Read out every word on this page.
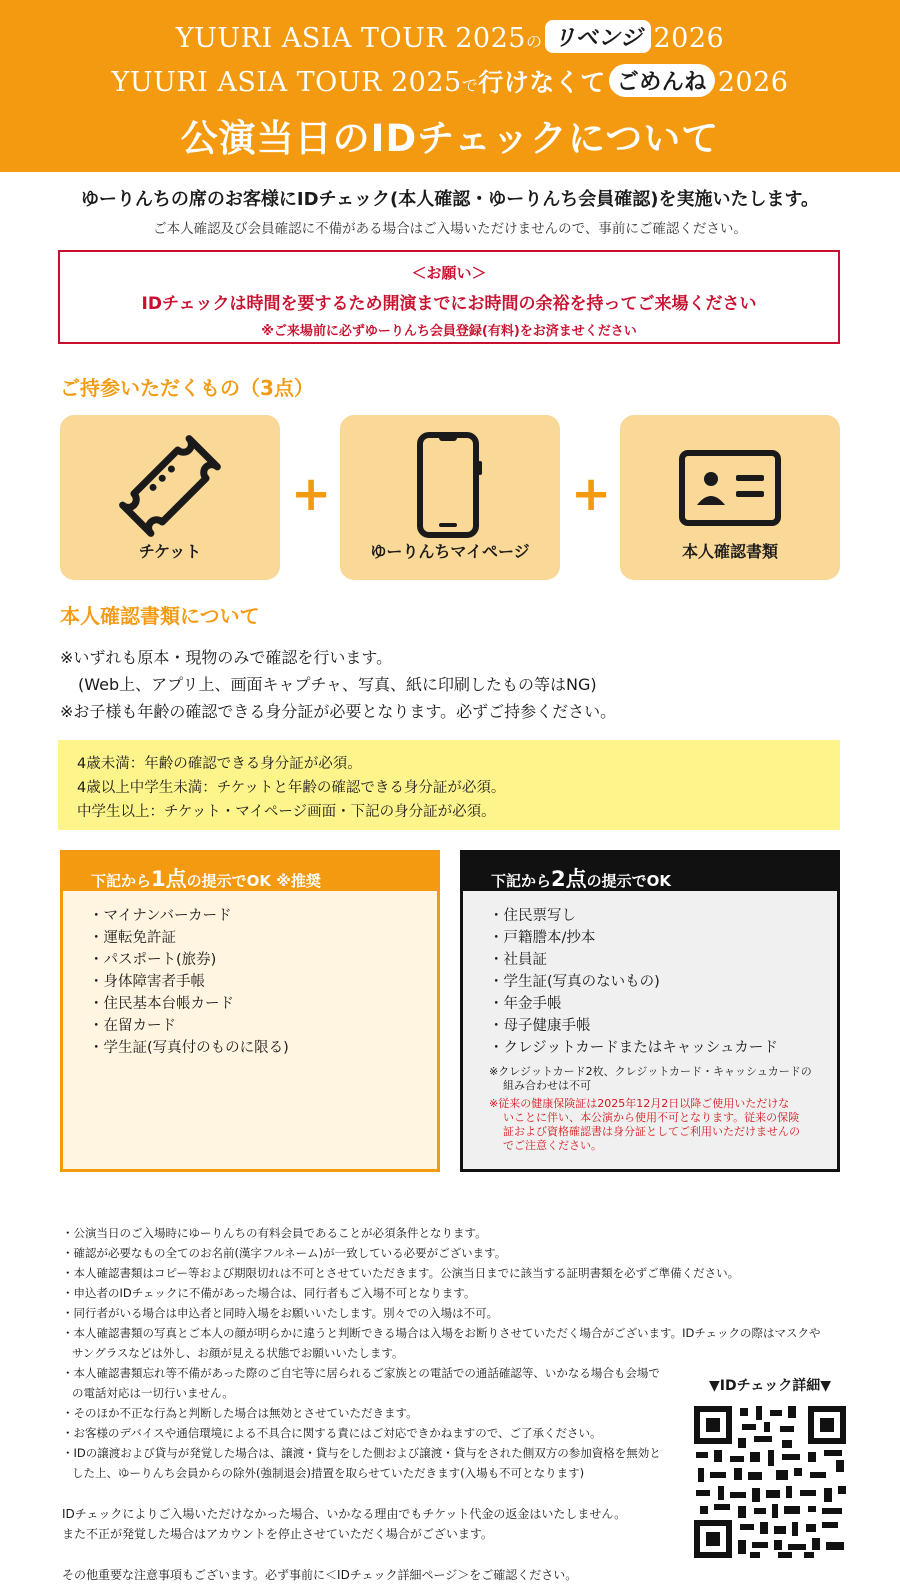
YUURI ASIA TOUR 2025の リベンジ 2026
YUURI ASIA TOUR 2025で行けなくて ごめんね 2026
公演当日のIDチェックについて
ゆーりんちの席のお客様にIDチェック(本人確認・ゆーりんち会員確認)を実施いたします。
ご本人確認及び会員確認に不備がある場合はご入場いただけませんので、事前にご確認ください。
＜お願い＞
IDチェックは時間を要するため開演までにお時間の余裕を持ってご来場ください
※ご来場前に必ずゆーりんち会員登録(有料)をお済ませください
ご持参いただくもの（3点）
チケット
+
ゆーりんちマイページ
+
本人確認書類
本人確認書類について
※いずれも原本・現物のみで確認を行います。
(Web上、アプリ上、画面キャプチャ、写真、紙に印刷したもの等はNG)
※お子様も年齢の確認できる身分証が必要となります。必ずご持参ください。
4歳未満：年齢の確認できる身分証が必須。
4歳以上中学生未満：チケットと年齢の確認できる身分証が必須。
中学生以上：チケット・マイページ画面・下記の身分証が必須。
下記から1点の提示でOK ※推奨
・マイナンバーカード
・運転免許証
・パスポート(旅券)
・身体障害者手帳
・住民基本台帳カード
・在留カード
・学生証(写真付のものに限る)
下記から2点の提示でOK
・住民票写し
・戸籍謄本/抄本
・社員証
・学生証(写真のないもの)
・年金手帳
・母子健康手帳
・クレジットカードまたはキャッシュカード
※クレジットカード2枚、クレジットカード・キャッシュカードの
組み合わせは不可
※従来の健康保険証は2025年12月2日以降ご使用いただけな
いことに伴い、本公演から使用不可となります。従来の保険
証および資格確認書は身分証としてご利用いただけませんの
でご注意ください。
・公演当日のご入場時にゆーりんちの有料会員であることが必須条件となります。
・確認が必要なもの全てのお名前(漢字フルネーム)が一致している必要がございます。
・本人確認書類はコピー等および期限切れは不可とさせていただきます。公演当日までに該当する証明書類を必ずご準備ください。
・申込者のIDチェックに不備があった場合は、同行者もご入場不可となります。
・同行者がいる場合は申込者と同時入場をお願いいたします。別々での入場は不可。
・本人確認書類の写真とご本人の顔が明らかに違うと判断できる場合は入場をお断りさせていただく場合がございます。IDチェックの際はマスクやサングラスなどは外し、お顔が見える状態でお願いいたします。
・本人確認書類忘れ等不備があった際のご自宅等に居られるご家族との電話での通話確認等、いかなる場合も会場での電話対応は一切行いません。
・そのほか不正な行為と判断した場合は無効とさせていただきます。
・お客様のデバイスや通信環境による不具合に関する責にはご対応できかねますので、ご了承ください。
・IDの譲渡および貸与が発覚した場合は、譲渡・貸与をした側および譲渡・貸与をされた側双方の参加資格を無効とした上、ゆーりんち会員からの除外(強制退会)措置を取らせていただきます(入場も不可となります)
IDチェックによりご入場いただけなかった場合、いかなる理由でもチケット代金の返金はいたしません。
また不正が発覚した場合はアカウントを停止させていただく場合がございます。
その他重要な注意事項もございます。必ず事前に＜IDチェック詳細ページ＞をご確認ください。
▼IDチェック詳細▼
